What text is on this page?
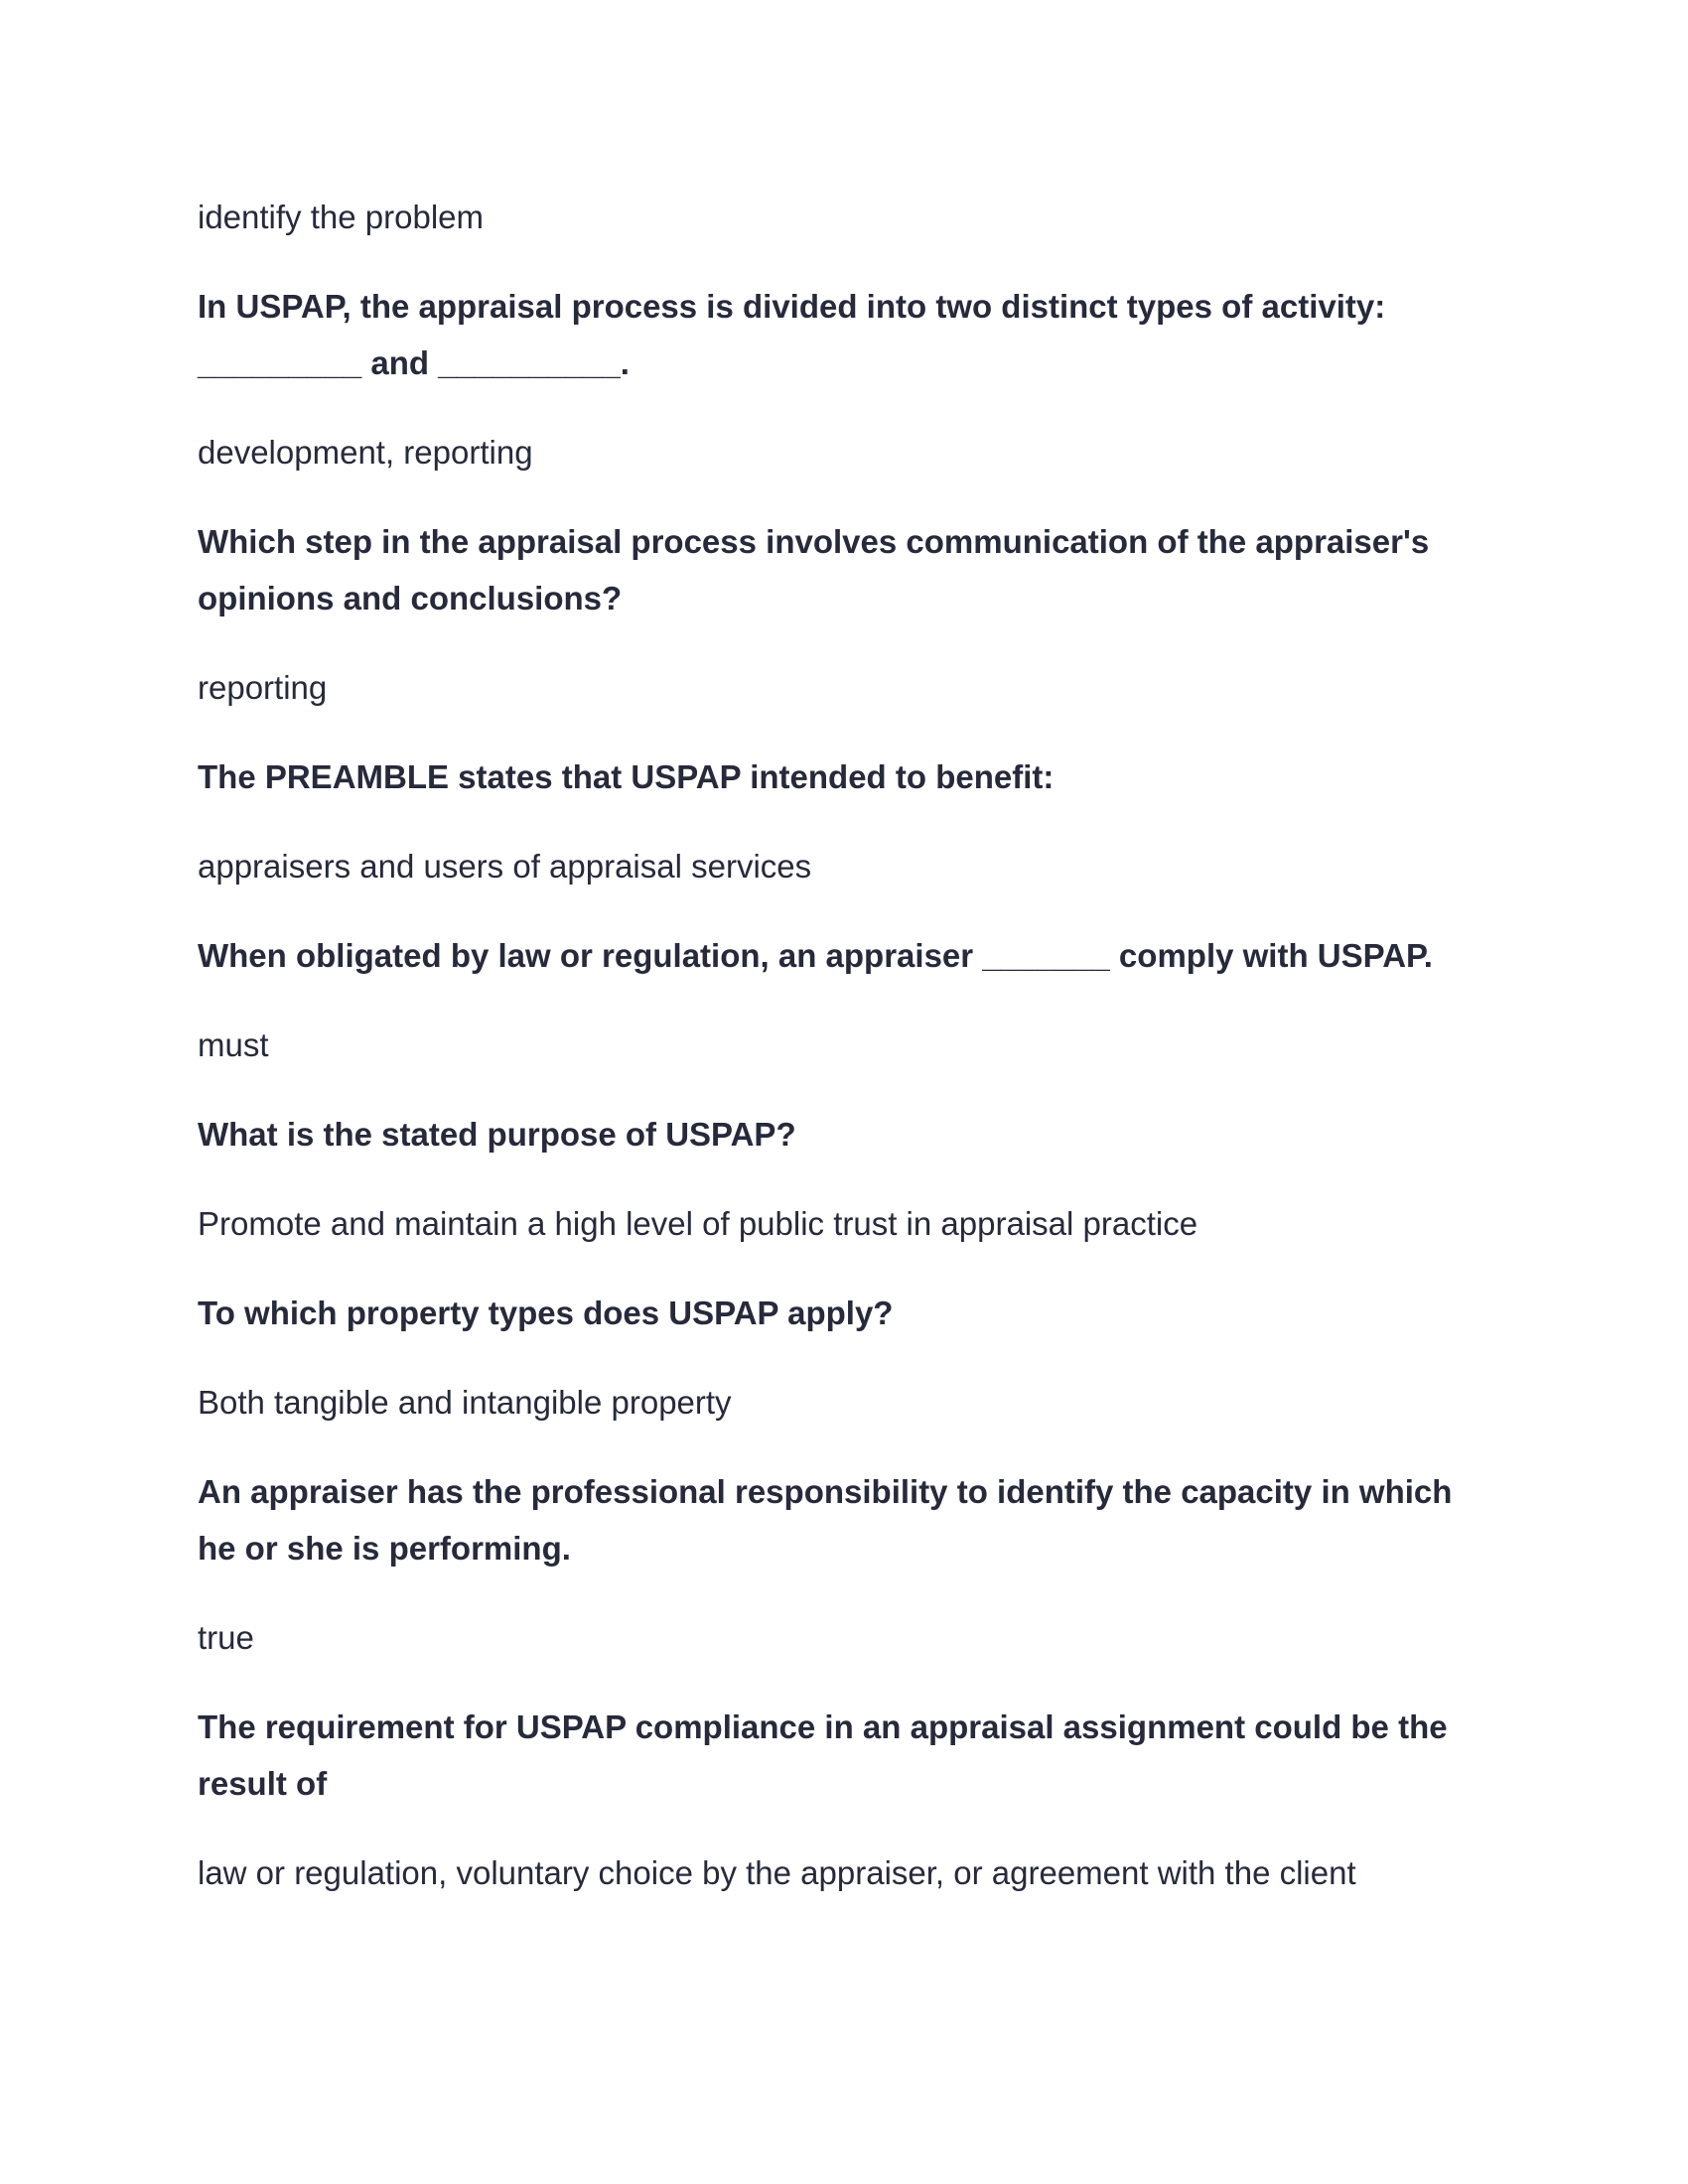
identify the problem
In USPAP, the appraisal process is divided into two distinct types of activity:
_________ and __________.
development, reporting
Which step in the appraisal process involves communication of the appraiser's
opinions and conclusions?
reporting
The PREAMBLE states that USPAP intended to benefit:
appraisers and users of appraisal services
When obligated by law or regulation, an appraiser _______ comply with USPAP.
must
What is the stated purpose of USPAP?
Promote and maintain a high level of public trust in appraisal practice
To which property types does USPAP apply?
Both tangible and intangible property
An appraiser has the professional responsibility to identify the capacity in which
he or she is performing.
true
The requirement for USPAP compliance in an appraisal assignment could be the
result of
law or regulation, voluntary choice by the appraiser, or agreement with the client
